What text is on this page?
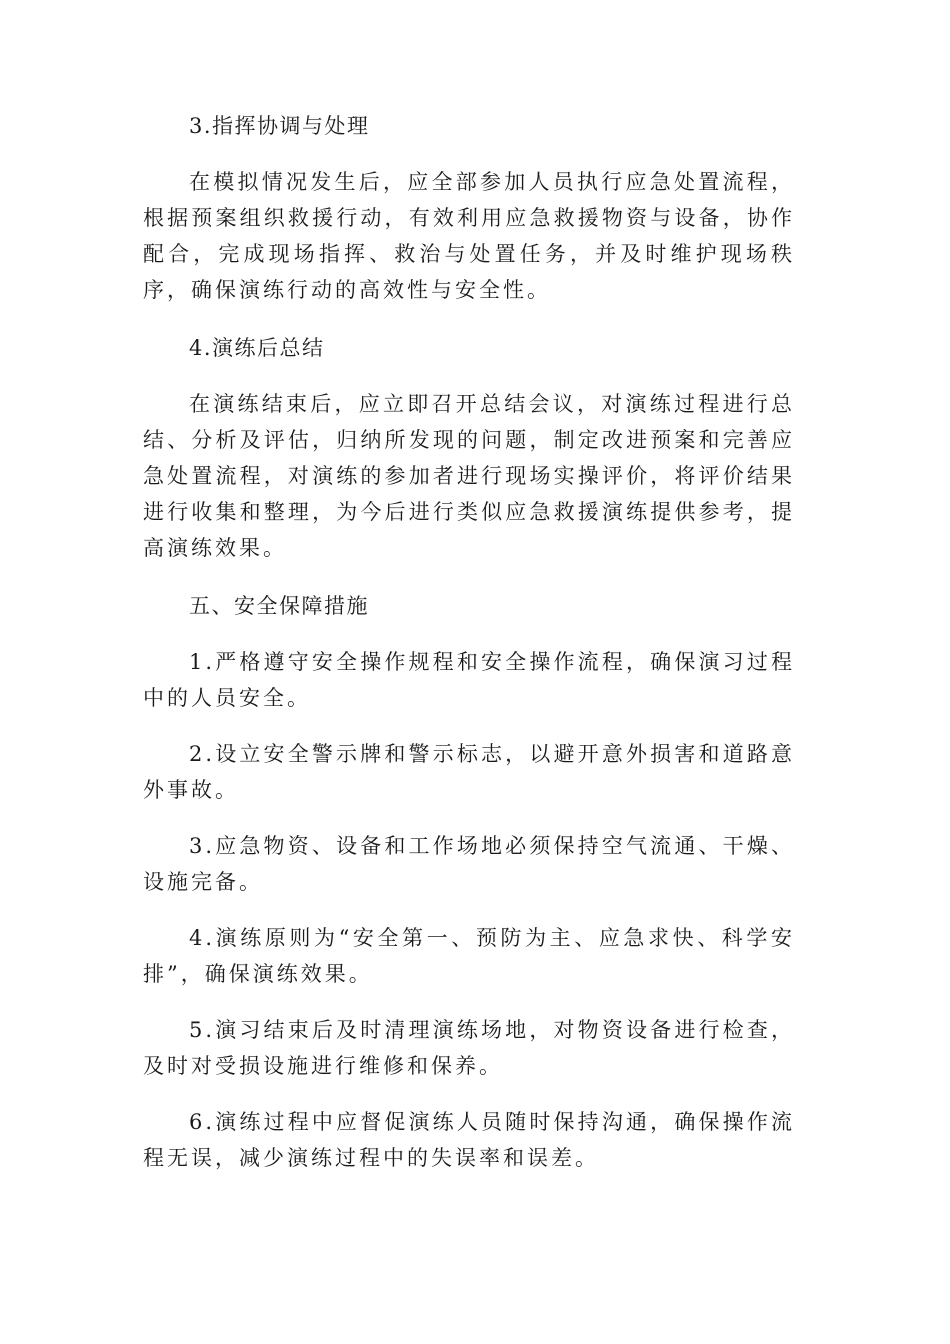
3.指挥协调与处理

在模拟情况发生后，应全部参加人员执行应急处置流程，根据预案组织救援行动，有效利用应急救援物资与设备，协作配合，完成现场指挥、救治与处置任务，并及时维护现场秩序，确保演练行动的高效性与安全性。

4.演练后总结

在演练结束后，应立即召开总结会议，对演练过程进行总结、分析及评估，归纳所发现的问题，制定改进预案和完善应急处置流程，对演练的参加者进行现场实操评价，将评价结果进行收集和整理，为今后进行类似应急救援演练提供参考，提高演练效果。

五、安全保障措施

1.严格遵守安全操作规程和安全操作流程，确保演习过程中的人员安全。

2.设立安全警示牌和警示标志，以避开意外损害和道路意外事故。

3.应急物资、设备和工作场地必须保持空气流通、干燥、设施完备。

4.演练原则为“安全第一、预防为主、应急求快、科学安排”，确保演练效果。

5.演习结束后及时清理演练场地，对物资设备进行检查，及时对受损设施进行维修和保养。

6.演练过程中应督促演练人员随时保持沟通，确保操作流程无误，减少演练过程中的失误率和误差。
